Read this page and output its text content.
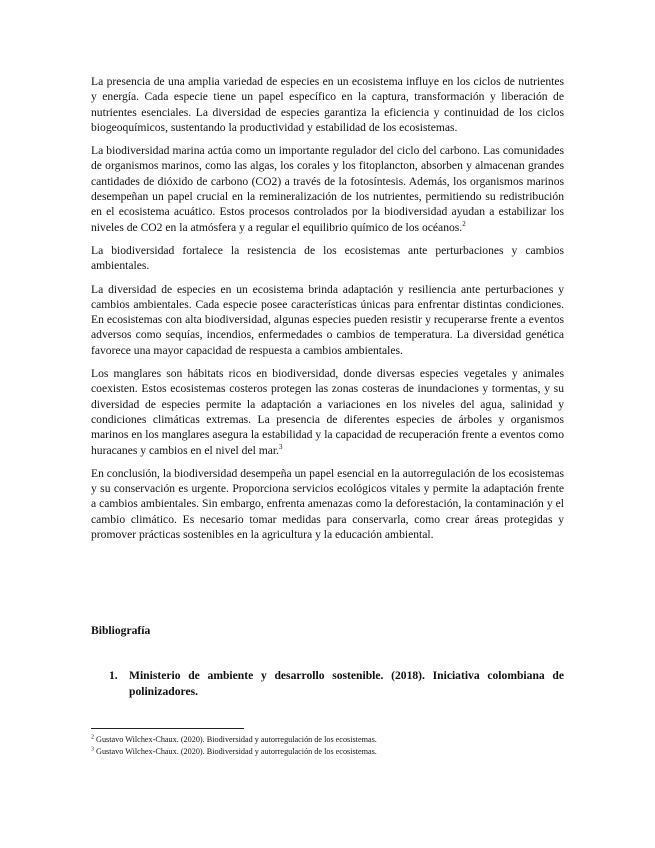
La presencia de una amplia variedad de especies en un ecosistema influye en los ciclos de nutrientes y energía. Cada especie tiene un papel específico en la captura, transformación y liberación de nutrientes esenciales. La diversidad de especies garantiza la eficiencia y continuidad de los ciclos biogeoquímicos, sustentando la productividad y estabilidad de los ecosistemas.

La biodiversidad marina actúa como un importante regulador del ciclo del carbono. Las comunidades de organismos marinos, como las algas, los corales y los fitoplancton, absorben y almacenan grandes cantidades de dióxido de carbono (CO2) a través de la fotosíntesis. Además, los organismos marinos desempeñan un papel crucial en la remineralización de los nutrientes, permitiendo su redistribución en el ecosistema acuático. Estos procesos controlados por la biodiversidad ayudan a estabilizar los niveles de CO2 en la atmósfera y a regular el equilibrio químico de los océanos.$^2$

La biodiversidad fortalece la resistencia de los ecosistemas ante perturbaciones y cambios ambientales.

La diversidad de especies en un ecosistema brinda adaptación y resiliencia ante perturbaciones y cambios ambientales. Cada especie posee características únicas para enfrentar distintas condiciones. En ecosistemas con alta biodiversidad, algunas especies pueden resistir y recuperarse frente a eventos adversos como sequías, incendios, enfermedades o cambios de temperatura. La diversidad genética favorece una mayor capacidad de respuesta a cambios ambientales.

Los manglares son hábitats ricos en biodiversidad, donde diversas especies vegetales y animales coexisten. Estos ecosistemas costeros protegen las zonas costeras de inundaciones y tormentas, y su diversidad de especies permite la adaptación a variaciones en los niveles del agua, salinidad y condiciones climáticas extremas. La presencia de diferentes especies de árboles y organismos marinos en los manglares asegura la estabilidad y la capacidad de recuperación frente a eventos como huracanes y cambios en el nivel del mar.$^3$

En conclusión, la biodiversidad desempeña un papel esencial en la autorregulación de los ecosistemas y su conservación es urgente. Proporciona servicios ecológicos vitales y permite la adaptación frente a cambios ambientales. Sin embargo, enfrenta amenazas como la deforestación, la contaminación y el cambio climático. Es necesario tomar medidas para conservarla, como crear áreas protegidas y promover prácticas sostenibles en la agricultura y la educación ambiental.

Bibliografía
1. Ministerio de ambiente y desarrollo sostenible. (2018). Iniciativa colombiana de polinizadores.

$^2$ Gustavo Wilchex-Chaux. (2020). Biodiversidad y autorregulación de los ecosistemas.

$^3$ Gustavo Wilchex-Chaux. (2020). Biodiversidad y autorregulación de los ecosistemas.
